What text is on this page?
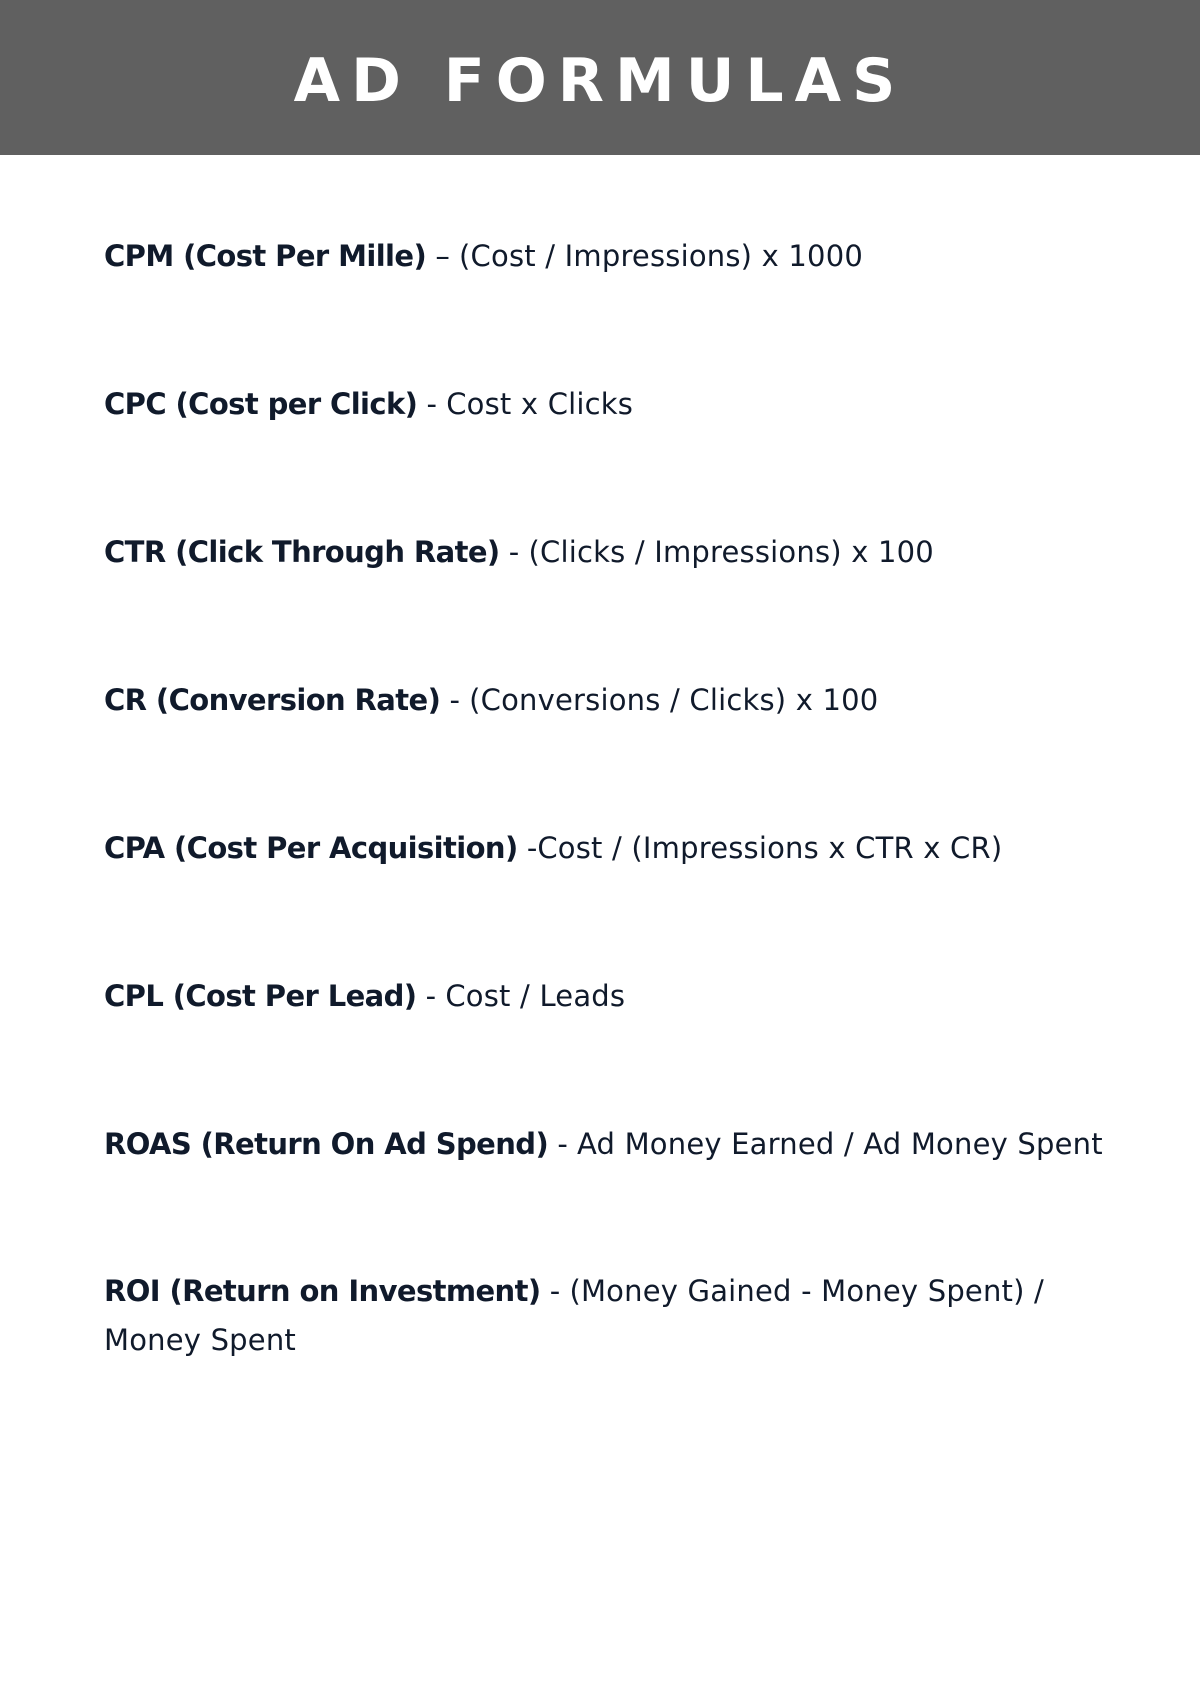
AD FORMULAS
CPM (Cost Per Mille) – (Cost / Impressions) x 1000
CPC (Cost per Click) - Cost x Clicks
CTR (Click Through Rate) - (Clicks / Impressions) x 100
CR (Conversion Rate) - (Conversions / Clicks) x 100
CPA (Cost Per Acquisition) -Cost / (Impressions x CTR x CR)
CPL (Cost Per Lead) - Cost / Leads
ROAS (Return On Ad Spend) - Ad Money Earned / Ad Money Spent
ROI (Return on Investment) - (Money Gained - Money Spent) / Money Spent
